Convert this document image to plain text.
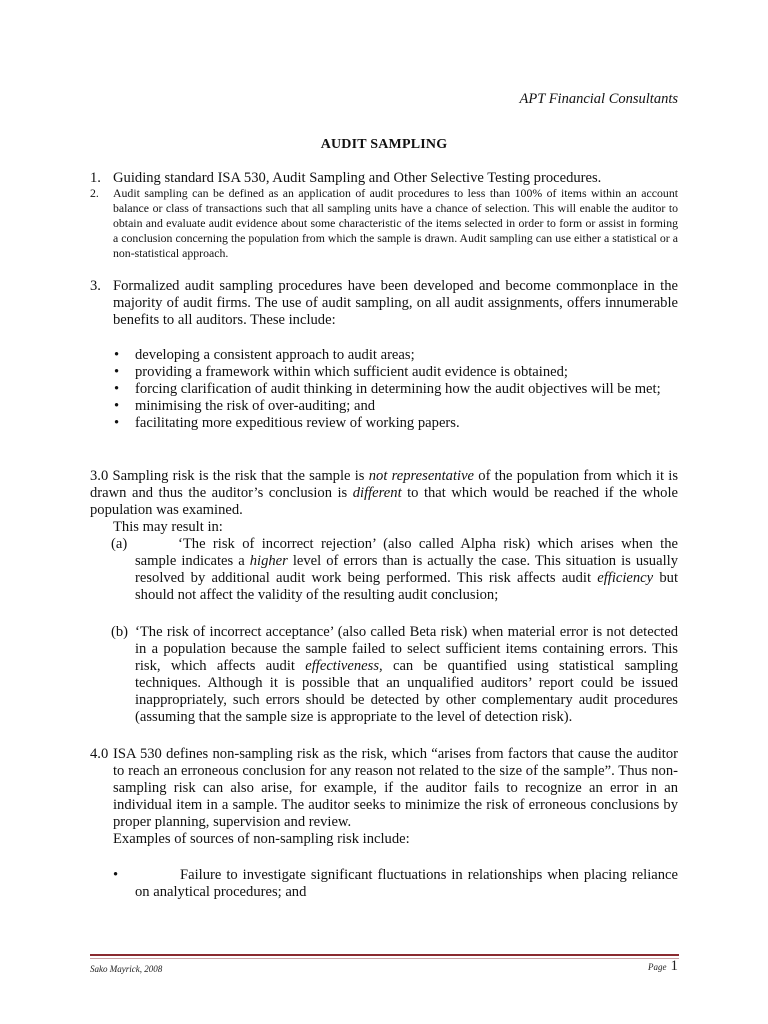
APT Financial Consultants
AUDIT SAMPLING

1. Guiding standard ISA 530, Audit Sampling and Other Selective Testing procedures.

2. Audit sampling can be defined as an application of audit procedures to less than 100% of items within an account balance or class of transactions such that all sampling units have a chance of selection. This will enable the auditor to obtain and evaluate audit evidence about some characteristic of the items selected in order to form or assist in forming a conclusion concerning the population from which the sample is drawn. Audit sampling can use either a statistical or a non-statistical approach.

3. Formalized audit sampling procedures have been developed and become commonplace in the majority of audit firms. The use of audit sampling, on all audit assignments, offers innumerable benefits to all auditors. These include:

• developing a consistent approach to audit areas;
• providing a framework within which sufficient audit evidence is obtained;
• forcing clarification of audit thinking in determining how the audit objectives will be met;
• minimising the risk of over-auditing; and
• facilitating more expeditious review of working papers.

3.0 Sampling risk is the risk that the sample is not representative of the population from which it is drawn and thus the auditor’s conclusion is different to that which would be reached if the whole population was examined.

This may result in:

(a)	‘The risk of incorrect rejection’ (also called Alpha risk) which arises when the sample indicates a higher level of errors than is actually the case. This situation is usually resolved by additional audit work being performed. This risk affects audit efficiency but should not affect the validity of the resulting audit conclusion;

(b) ‘The risk of incorrect acceptance’ (also called Beta risk) when material error is not detected in a population because the sample failed to select sufficient items containing errors. This risk, which affects audit effectiveness, can be quantified using statistical sampling techniques. Although it is possible that an unqualified auditors’ report could be issued inappropriately, such errors should be detected by other complementary audit procedures (assuming that the sample size is appropriate to the level of detection risk).

4.0 ISA 530 defines non-sampling risk as the risk, which “arises from factors that cause the auditor to reach an erroneous conclusion for any reason not related to the size of the sample”. Thus non-sampling risk can also arise, for example, if the auditor fails to recognize an error in an individual item in a sample. The auditor seeks to minimize the risk of erroneous conclusions by proper planning, supervision and review.

Examples of sources of non-sampling risk include:

•	Failure to investigate significant fluctuations in relationships when placing reliance on analytical procedures; and
Sako Mayrick, 2008	Page 1
